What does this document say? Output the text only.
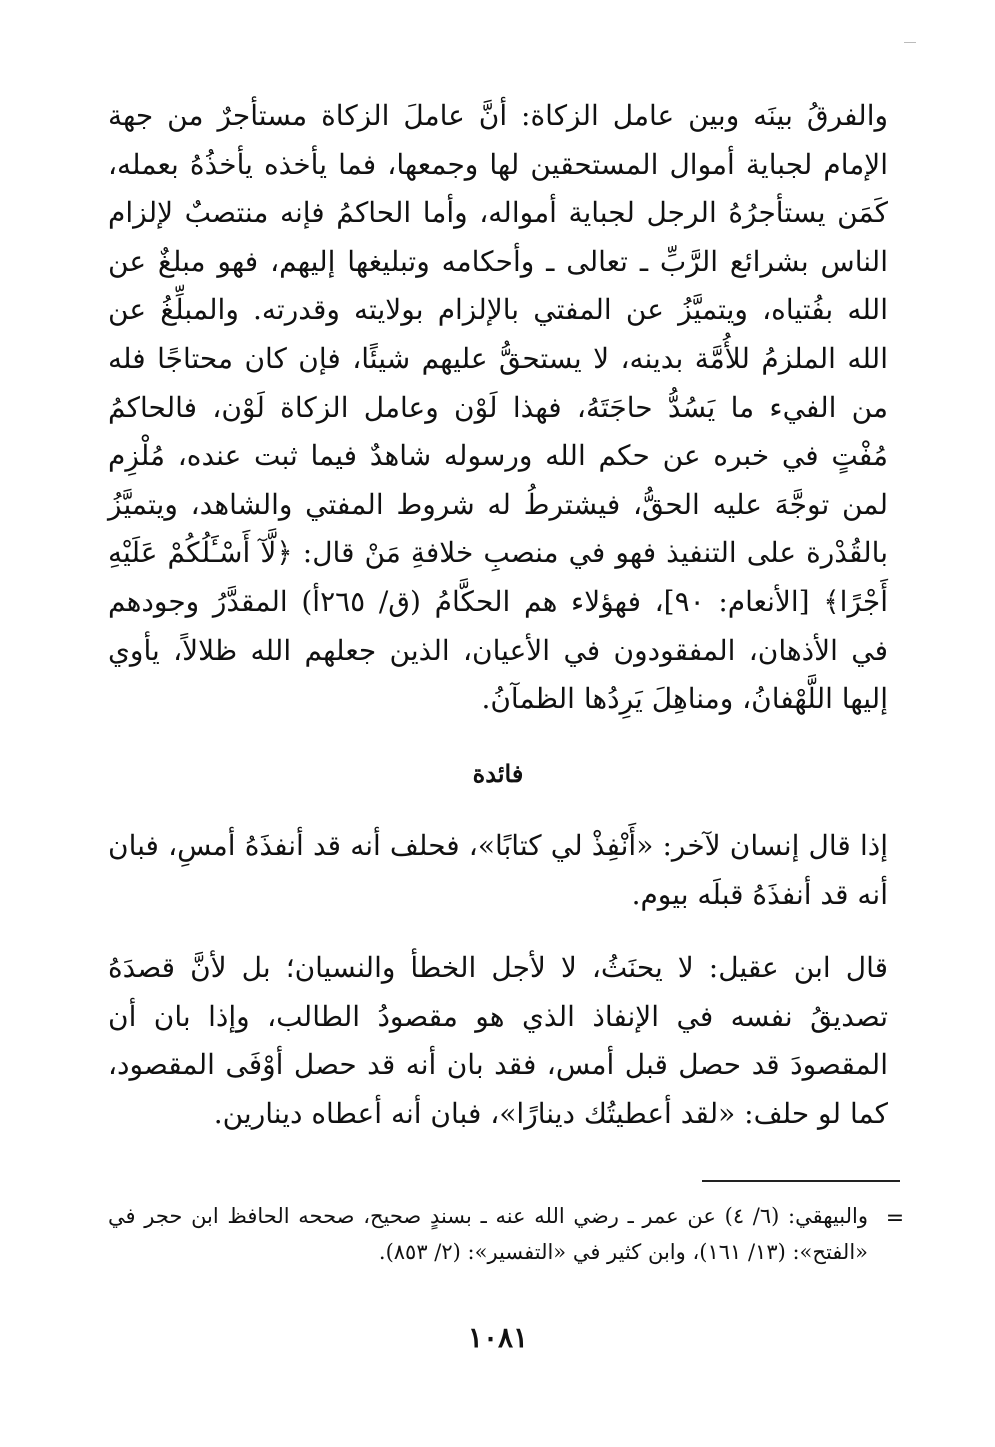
والفرقُ بينَه وبين عامل الزكاة: أنَّ عاملَ الزكاة مستأجرٌ من جهة الإمام لجباية أموال المستحقين لها وجمعها، فما يأخذه يأخذُهُ بعمله، كَمَن يستأجرُهُ الرجل لجباية أمواله، وأما الحاكمُ فإنه منتصبٌ لإلزام الناس بشرائع الرَّبِّ ـ تعالى ـ وأحكامه وتبليغها إليهم، فهو مبلغٌ عن الله بفُتياه، ويتميَّزُ عن المفتي بالإلزام بولايته وقدرته. والمبلِّغُ عن الله الملزمُ للأُمَّة بدينه، لا يستحقُّ عليهم شيئًا، فإن كان محتاجًا فله من الفيء ما يَسُدُّ حاجَتَهُ، فهذا لَوْن وعامل الزكاة لَوْن، فالحاكمُ مُفْتٍ في خبره عن حكم الله ورسوله شاهدٌ فيما ثبت عنده، مُلْزِم لمن توجَّهَ عليه الحقُّ، فيشترطُ له شروط المفتي والشاهد، ويتميَّزُ بالقُدْرة على التنفيذ فهو في منصبِ خلافةِ مَنْ قال: ﴿لَّآ أَسْـَٔلُكُمْ عَلَيْهِ أَجْرًا﴾ [الأنعام: ٩٠]، فهؤلاء هم الحكَّامُ (ق/ ٢٦٥أ) المقدَّرُ وجودهم في الأذهان، المفقودون في الأعيان، الذين جعلهم الله ظلالاً، يأوي إليها اللَّهْفانُ، ومناهِلَ يَرِدُها الظمآنُ.

فائدة

إذا قال إنسان لآخر: «أَنْفِذْ لي كتابًا»، فحلف أنه قد أنفذَهُ أمسِ، فبان أنه قد أنفذَهُ قبلَه بيوم.

قال ابن عقيل: لا يحنَثُ، لا لأجل الخطأ والنسيان؛ بل لأنَّ قصدَهُ تصديقُ نفسه في الإنفاذ الذي هو مقصودُ الطالب، وإذا بان أن المقصودَ قد حصل قبل أمس، فقد بان أنه قد حصل أوْفَى المقصود، كما لو حلف: «لقد أعطيتُك دينارًا»، فبان أنه أعطاه دينارين.

=

والبيهقي: (٦/ ٤) عن عمر ـ رضي الله عنه ـ بسندٍ صحيح، صححه الحافظ ابن حجر في «الفتح»: (١٣/ ١٦١)، وابن كثير في «التفسير»: (٢/ ٨٥٣).

١٠٨١
